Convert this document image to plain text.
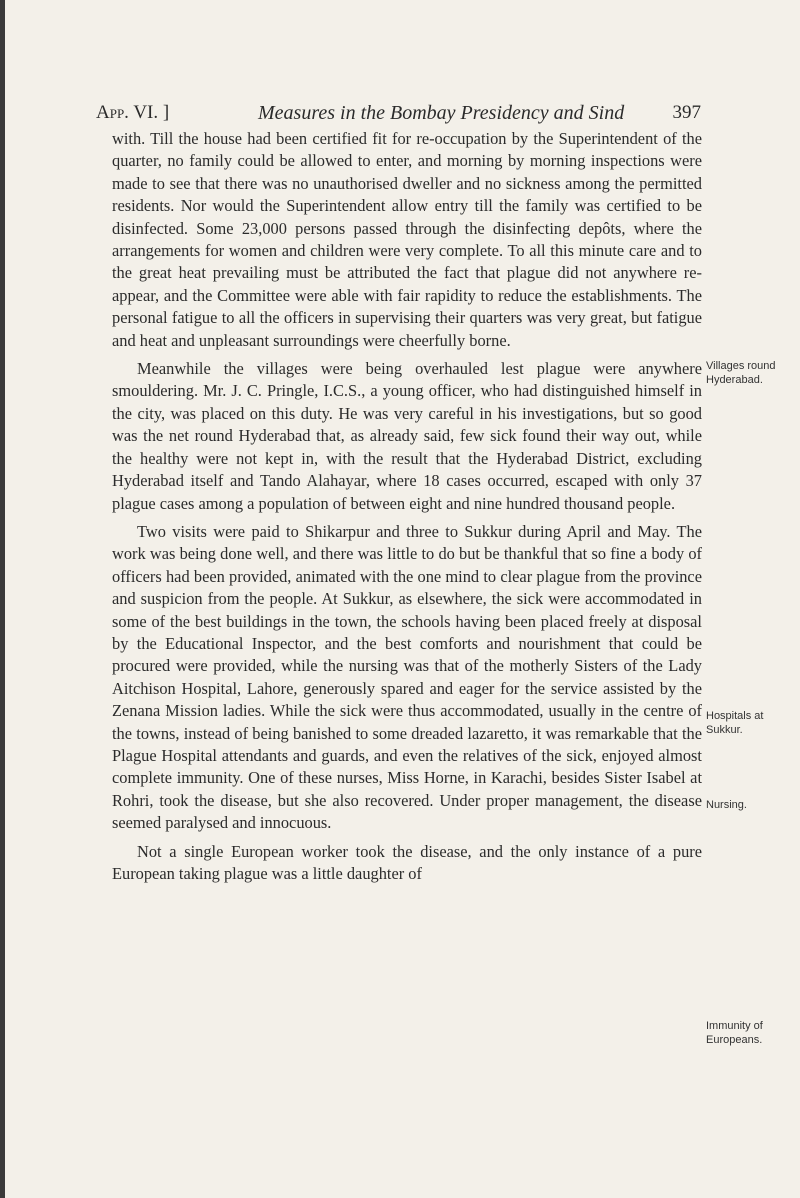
App. VI. ]	Measures in the Bombay Presidency and Sind	397

with. Till the house had been certified fit for re-occupation by the Superintendent of the quarter, no family could be allowed to enter, and morning by morning inspections were made to see that there was no unauthorised dweller and no sickness among the permitted residents. Nor would the Superintendent allow entry till the family was certified to be disinfected. Some 23,000 persons passed through the disinfecting depôts, where the arrangements for women and children were very complete. To all this minute care and to the great heat prevailing must be attributed the fact that plague did not anywhere re-appear, and the Committee were able with fair rapidity to reduce the establishments. The personal fatigue to all the officers in supervising their quarters was very great, but fatigue and heat and unpleasant surroundings were cheerfully borne.

Meanwhile the villages were being overhauled lest plague were anywhere smouldering. Mr. J. C. Pringle, I.C.S., a young officer, who had distinguished himself in the city, was placed on this duty. He was very careful in his investigations, but so good was the net round Hyderabad that, as already said, few sick found their way out, while the healthy were not kept in, with the result that the Hyderabad District, excluding Hyderabad itself and Tando Alahayar, where 18 cases occurred, escaped with only 37 plague cases among a population of between eight and nine hundred thousand people.

Two visits were paid to Shikarpur and three to Sukkur during April and May. The work was being done well, and there was little to do but be thankful that so fine a body of officers had been provided, animated with the one mind to clear plague from the province and suspicion from the people. At Sukkur, as elsewhere, the sick were accommodated in some of the best buildings in the town, the schools having been placed freely at disposal by the Educational Inspector, and the best comforts and nourishment that could be procured were provided, while the nursing was that of the motherly Sisters of the Lady Aitchison Hospital, Lahore, generously spared and eager for the service assisted by the Zenana Mission ladies. While the sick were thus accommodated, usually in the centre of the towns, instead of being banished to some dreaded lazaretto, it was remarkable that the Plague Hospital attendants and guards, and even the relatives of the sick, enjoyed almost complete immunity. One of these nurses, Miss Horne, in Karachi, besides Sister Isabel at Rohri, took the disease, but she also recovered. Under proper management, the disease seemed paralysed and innocuous.

Not a single European worker took the disease, and the only instance of a pure European taking plague was a little daughter of

Villages round
Hyderabad.
Hospitals at
Sukkur.
Nursing.
Immunity of
Europeans.
